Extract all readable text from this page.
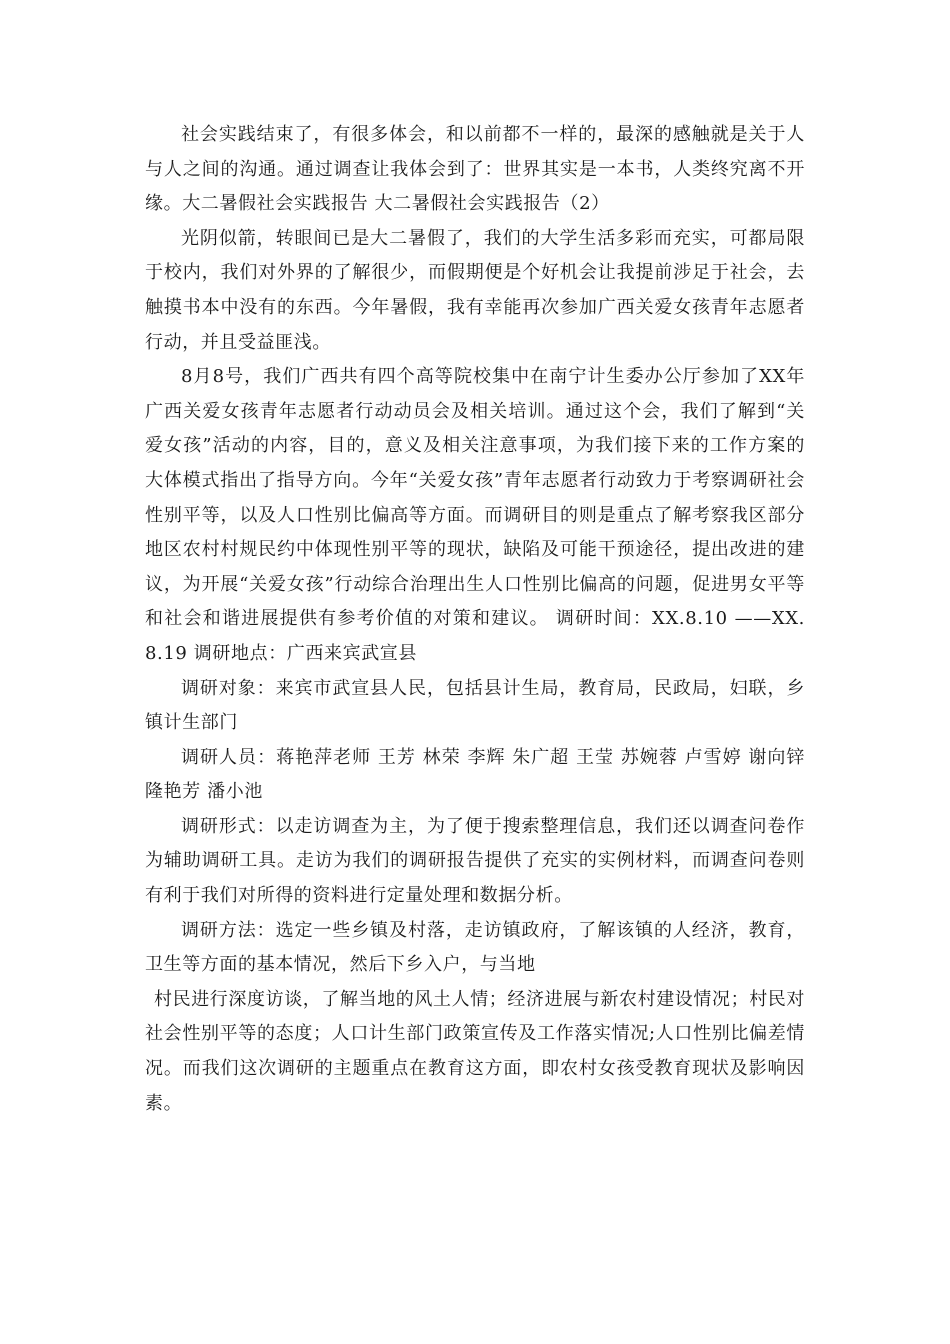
社会实践结束了，有很多体会，和以前都不一样的，最深的感触就是关于人与人之间的沟通。通过调查让我体会到了：世界其实是一本书，人类终究离不开缘。大二暑假社会实践报告 大二暑假社会实践报告（2）

光阴似箭，转眼间已是大二暑假了，我们的大学生活多彩而充实，可都局限于校内，我们对外界的了解很少，而假期便是个好机会让我提前涉足于社会，去触摸书本中没有的东西。今年暑假，我有幸能再次参加广西关爱女孩青年志愿者行动，并且受益匪浅。

8月8号，我们广西共有四个高等院校集中在南宁计生委办公厅参加了XX年广西关爱女孩青年志愿者行动动员会及相关培训。通过这个会，我们了解到“关爱女孩”活动的内容，目的，意义及相关注意事项，为我们接下来的工作方案的大体模式指出了指导方向。今年“关爱女孩”青年志愿者行动致力于考察调研社会性别平等，以及人口性别比偏高等方面。而调研目的则是重点了解考察我区部分地区农村村规民约中体现性别平等的现状，缺陷及可能干预途径，提出改进的建议，为开展“关爱女孩”行动综合治理出生人口性别比偏高的问题，促进男女平等和社会和谐进展提供有参考价值的对策和建议。 调研时间：XX.8.10 ——XX.8.19 调研地点：广西来宾武宣县

调研对象：来宾市武宣县人民，包括县计生局，教育局，民政局，妇联，乡镇计生部门

调研人员：蒋艳萍老师 王芳 林荣 李辉 朱广超 王莹 苏婉蓉 卢雪婷 谢向锌隆艳芳 潘小池

调研形式：以走访调查为主，为了便于搜索整理信息，我们还以调查问卷作为辅助调研工具。走访为我们的调研报告提供了充实的实例材料，而调查问卷则有利于我们对所得的资料进行定量处理和数据分析。

调研方法：选定一些乡镇及村落，走访镇政府，了解该镇的人经济，教育，卫生等方面的基本情况，然后下乡入户，与当地

村民进行深度访谈，了解当地的风土人情；经济进展与新农村建设情况；村民对社会性别平等的态度；人口计生部门政策宣传及工作落实情况;人口性别比偏差情况。而我们这次调研的主题重点在教育这方面，即农村女孩受教育现状及影响因素。
